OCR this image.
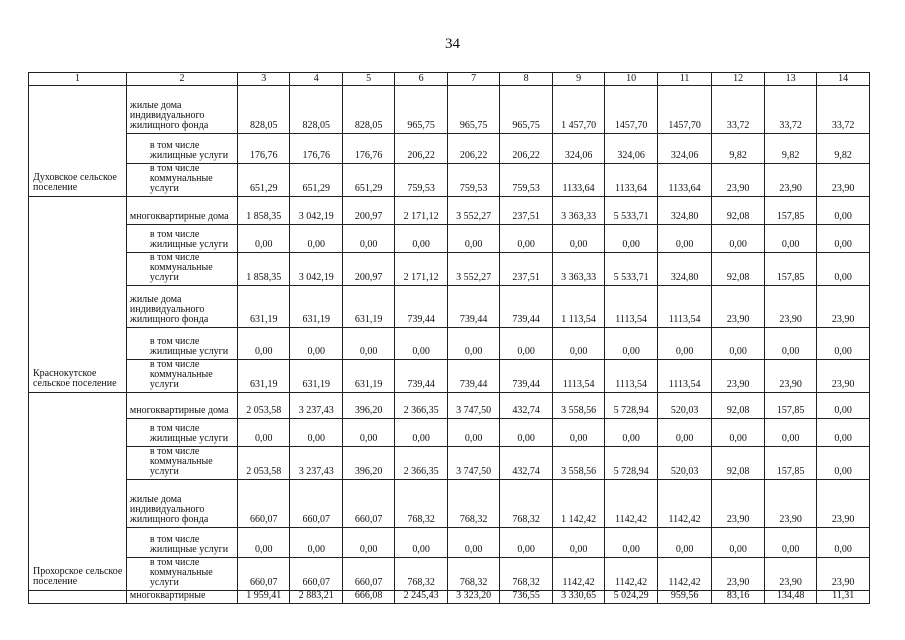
34
1	2	3	4	5	6	7	8	9	10	11	12	13	14
Духовское сельское поселение	жилые дома индивидуального жилищного фонда	828,05	828,05	828,05	965,75	965,75	965,75	1 457,70	1457,70	1457,70	33,72	33,72	33,72
	в том числе жилищные услуги	176,76	176,76	176,76	206,22	206,22	206,22	324,06	324,06	324,06	9,82	9,82	9,82
	в том числе коммунальные услуги	651,29	651,29	651,29	759,53	759,53	759,53	1133,64	1133,64	1133,64	23,90	23,90	23,90
Краснокутское сельское поселение	многоквартирные дома	1 858,35	3 042,19	200,97	2 171,12	3 552,27	237,51	3 363,33	5 533,71	324,80	92,08	157,85	0,00
	в том числе жилищные услуги	0,00	0,00	0,00	0,00	0,00	0,00	0,00	0,00	0,00	0,00	0,00	0,00
	в том числе коммунальные услуги	1 858,35	3 042,19	200,97	2 171,12	3 552,27	237,51	3 363,33	5 533,71	324,80	92,08	157,85	0,00
	жилые дома индивидуального жилищного фонда	631,19	631,19	631,19	739,44	739,44	739,44	1 113,54	1113,54	1113,54	23,90	23,90	23,90
	в том числе жилищные услуги	0,00	0,00	0,00	0,00	0,00	0,00	0,00	0,00	0,00	0,00	0,00	0,00
	в том числе коммунальные услуги	631,19	631,19	631,19	739,44	739,44	739,44	1113,54	1113,54	1113,54	23,90	23,90	23,90
Прохорское сельское поселение	многоквартирные дома	2 053,58	3 237,43	396,20	2 366,35	3 747,50	432,74	3 558,56	5 728,94	520,03	92,08	157,85	0,00
	в том числе жилищные услуги	0,00	0,00	0,00	0,00	0,00	0,00	0,00	0,00	0,00	0,00	0,00	0,00
	в том числе коммунальные услуги	2 053,58	3 237,43	396,20	2 366,35	3 747,50	432,74	3 558,56	5 728,94	520,03	92,08	157,85	0,00
	жилые дома индивидуального жилищного фонда	660,07	660,07	660,07	768,32	768,32	768,32	1 142,42	1142,42	1142,42	23,90	23,90	23,90
	в том числе жилищные услуги	0,00	0,00	0,00	0,00	0,00	0,00	0,00	0,00	0,00	0,00	0,00	0,00
	в том числе коммунальные услуги	660,07	660,07	660,07	768,32	768,32	768,32	1142,42	1142,42	1142,42	23,90	23,90	23,90
	многоквартирные	1 959,41	2 883,21	666,08	2 245,43	3 323,20	736,55	3 330,65	5 024,29	959,56	83,16	134,48	11,31
